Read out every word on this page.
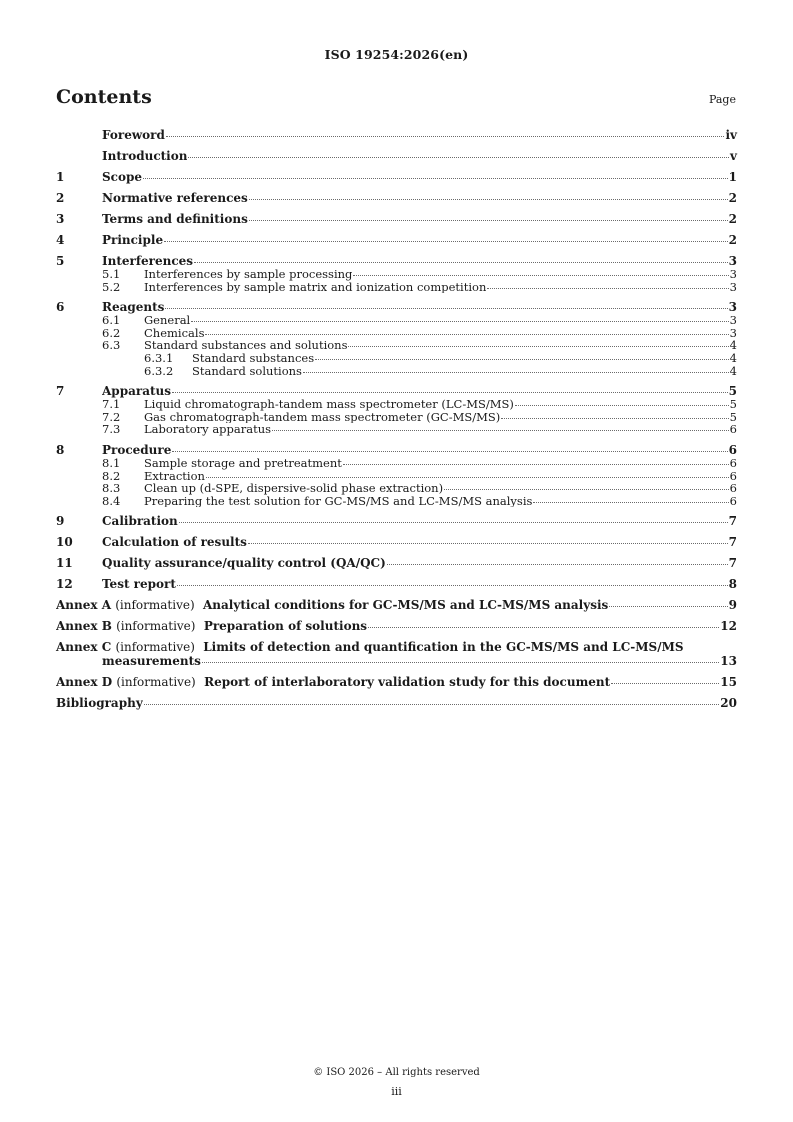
ISO 19254:2026(en)
Contents	Page
Foreword	iv
Introduction	v
1	Scope	1
2	Normative references	2
3	Terms and definitions	2
4	Principle	2
5	Interferences	3
5.1	Interferences by sample processing	3
5.2	Interferences by sample matrix and ionization competition	3
6	Reagents	3
6.1	General	3
6.2	Chemicals	3
6.3	Standard substances and solutions	4
6.3.1	Standard substances	4
6.3.2	Standard solutions	4
7	Apparatus	5
7.1	Liquid chromatograph-tandem mass spectrometer (LC-MS/MS)	5
7.2	Gas chromatograph-tandem mass spectrometer (GC-MS/MS)	5
7.3	Laboratory apparatus	6
8	Procedure	6
8.1	Sample storage and pretreatment	6
8.2	Extraction	6
8.3	Clean up (d-SPE, dispersive-solid phase extraction)	6
8.4	Preparing the test solution for GC-MS/MS and LC-MS/MS analysis	6
9	Calibration	7
10	Calculation of results	7
11	Quality assurance/quality control (QA/QC)	7
12	Test report	8
Annex A (informative) Analytical conditions for GC-MS/MS and LC-MS/MS analysis	9
Annex B (informative) Preparation of solutions	12
Annex C (informative) Limits of detection and quantification in the GC-MS/MS and LC-MS/MS
measurements	13
Annex D (informative) Report of interlaboratory validation study for this document	15
Bibliography	20
© ISO 2026 – All rights reserved
iii
